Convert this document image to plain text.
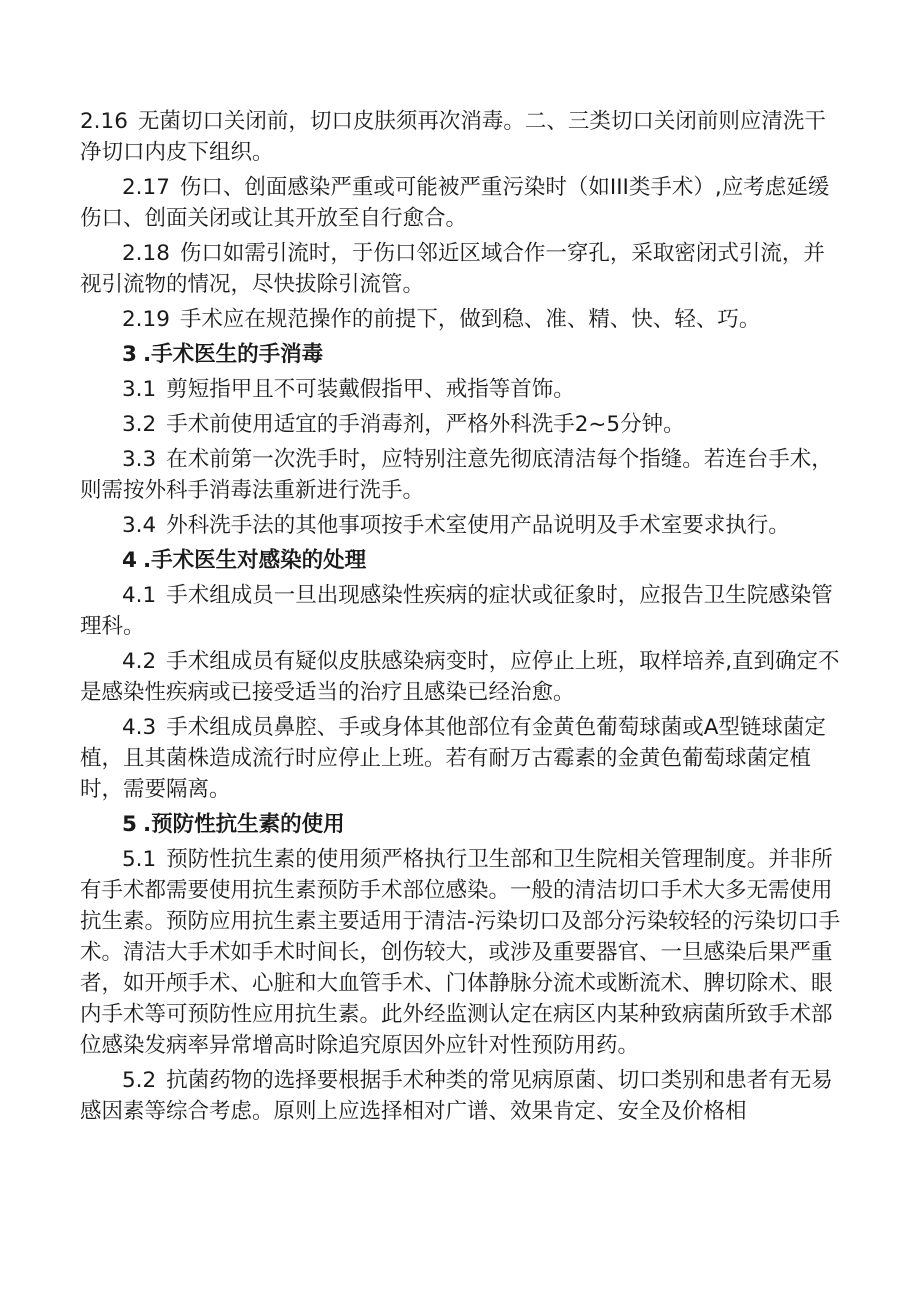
2.16 无菌切口关闭前，切口皮肤须再次消毒。二、三类切口关闭前则应清洗干净切口内皮下组织。

2.17 伤口、创面感染严重或可能被严重污染时（如III类手术）,应考虑延缓伤口、创面关闭或让其开放至自行愈合。

2.18 伤口如需引流时，于伤口邻近区域合作一穿孔，采取密闭式引流，并视引流物的情况，尽快拔除引流管。

2.19 手术应在规范操作的前提下，做到稳、准、精、快、轻、巧。

3 .手术医生的手消毒

3.1 剪短指甲且不可装戴假指甲、戒指等首饰。

3.2 手术前使用适宜的手消毒剂，严格外科洗手2~5分钟。

3.3 在术前第一次洗手时，应特别注意先彻底清洁每个指缝。若连台手术，则需按外科手消毒法重新进行洗手。

3.4 外科洗手法的其他事项按手术室使用产品说明及手术室要求执行。

4 .手术医生对感染的处理

4.1 手术组成员一旦出现感染性疾病的症状或征象时，应报告卫生院感染管理科。

4.2 手术组成员有疑似皮肤感染病变时，应停止上班，取样培养,直到确定不是感染性疾病或已接受适当的治疗且感染已经治愈。

4.3 手术组成员鼻腔、手或身体其他部位有金黄色葡萄球菌或A型链球菌定植，且其菌株造成流行时应停止上班。若有耐万古霉素的金黄色葡萄球菌定植时，需要隔离。

5 .预防性抗生素的使用

5.1 预防性抗生素的使用须严格执行卫生部和卫生院相关管理制度。并非所有手术都需要使用抗生素预防手术部位感染。一般的清洁切口手术大多无需使用抗生素。预防应用抗生素主要适用于清洁-污染切口及部分污染较轻的污染切口手术。清洁大手术如手术时间长，创伤较大，或涉及重要器官、一旦感染后果严重者，如开颅手术、心脏和大血管手术、门体静脉分流术或断流术、脾切除术、眼内手术等可预防性应用抗生素。此外经监测认定在病区内某种致病菌所致手术部位感染发病率异常增高时除追究原因外应针对性预防用药。

5.2 抗菌药物的选择要根据手术种类的常见病原菌、切口类别和患者有无易感因素等综合考虑。原则上应选择相对广谱、效果肯定、安全及价格相
